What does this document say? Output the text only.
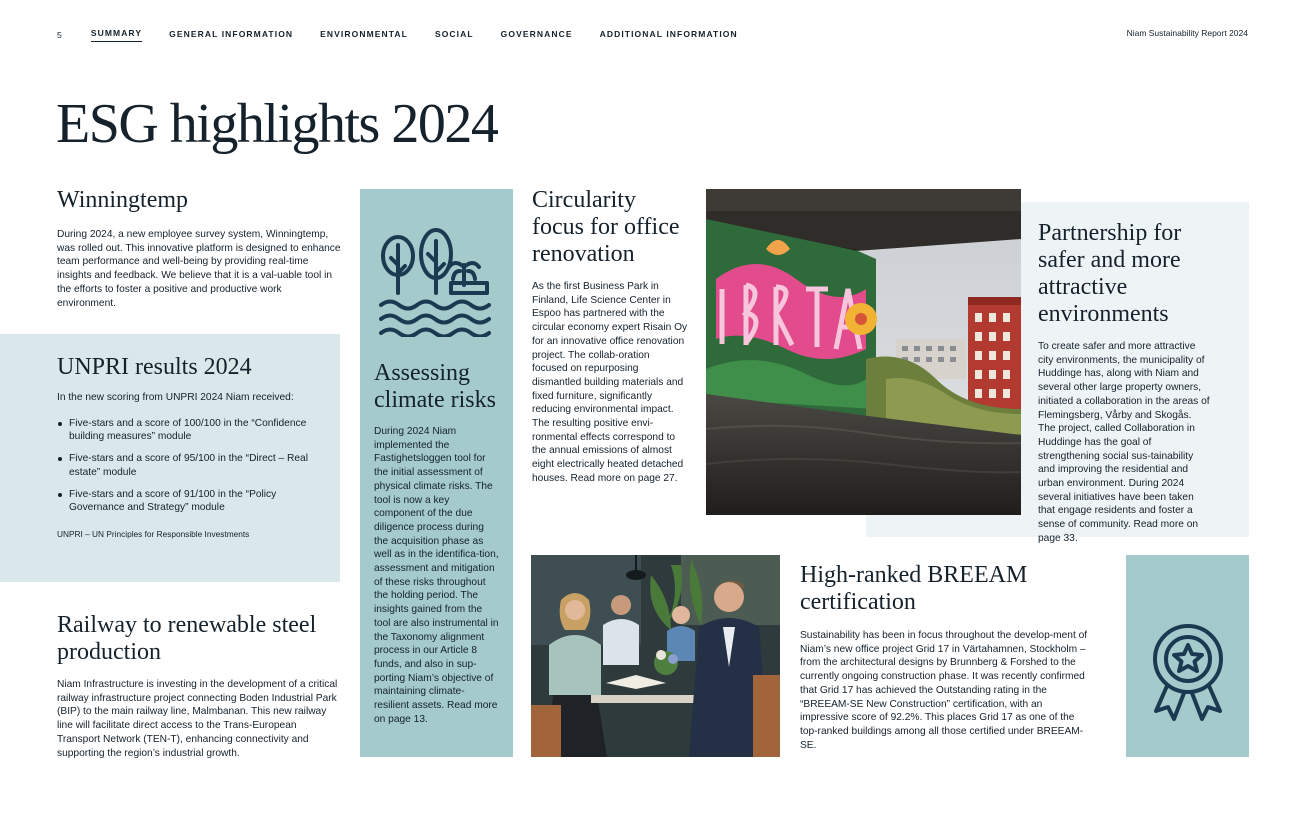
5	SUMMARY	GENERAL INFORMATION	ENVIRONMENTAL	SOCIAL	GOVERNANCE	ADDITIONAL INFORMATION	Niam Sustainability Report 2024
ESG highlights 2024
Winningtemp

During 2024, a new employee survey system, Winningtemp, was rolled out. This innovative platform is designed to enhance team performance and well-being by providing real-time insights and feedback. We believe that it is a val-uable tool in the efforts to foster a positive and productive work environment.

UNPRI results 2024

In the new scoring from UNPRI 2024 Niam received:

Five-stars and a score of 100/100 in the “Confidence building measures” module
Five-stars and a score of 95/100 in the “Direct – Real estate” module
Five-stars and a score of 91/100 in the “Policy Governance and Strategy” module

UNPRI – UN Principles for Responsible Investments

Railway to renewable steel production

Niam Infrastructure is investing in the development of a critical railway infrastructure project connecting Boden Industrial Park (BIP) to the main railway line, Malmbanan. This new railway line will facilitate direct access to the Trans-European Transport Network (TEN-T), enhancing connectivity and supporting the region’s industrial growth.

Assessing climate risks

During 2024 Niam implemented the Fastighetsloggen tool for the initial assessment of physical climate risks. The tool is now a key component of the due diligence process during the acquisition phase as well as in the identifica-tion, assessment and mitigation of these risks throughout the holding period. The insights gained from the tool are also instrumental in the Taxonomy alignment process in our Article 8 funds, and also in sup-porting Niam’s objective of maintaining climate-resilient assets. Read more on page 13.

Circularity focus for office renovation

As the first Business Park in Finland, Life Science Center in Espoo has partnered with the circular economy expert Risain Oy for an innovative office renovation project. The collab-oration focused on repurposing dismantled building materials and fixed furniture, significantly reducing environmental impact. The resulting positive envi-ronmental effects correspond to the annual emissions of almost eight electrically heated detached houses. Read more on page 27.

Partnership for safer and more attractive environments

To create safer and more attractive city environments, the municipality of Huddinge has, along with Niam and several other large property owners, initiated a collaboration in the areas of Flemingsberg, Vårby and Skogås. The project, called Collaboration in Huddinge has the goal of strengthening social sus-tainability and improving the residential and urban environment. During 2024 several initiatives have been taken that engage residents and foster a sense of community. Read more on page 33.

High-ranked BREEAM certification

Sustainability has been in focus throughout the develop-ment of Niam’s new office project Grid 17 in Värtahamnen, Stockholm – from the architectural designs by Brunnberg & Forshed to the currently ongoing construction phase. It was recently confirmed that Grid 17 has achieved the Outstanding rating in the “BREEAM-SE New Construction” certification, with an impressive score of 92.2%. This places Grid 17 as one of the top-ranked buildings among all those certified under BREEAM-SE.
